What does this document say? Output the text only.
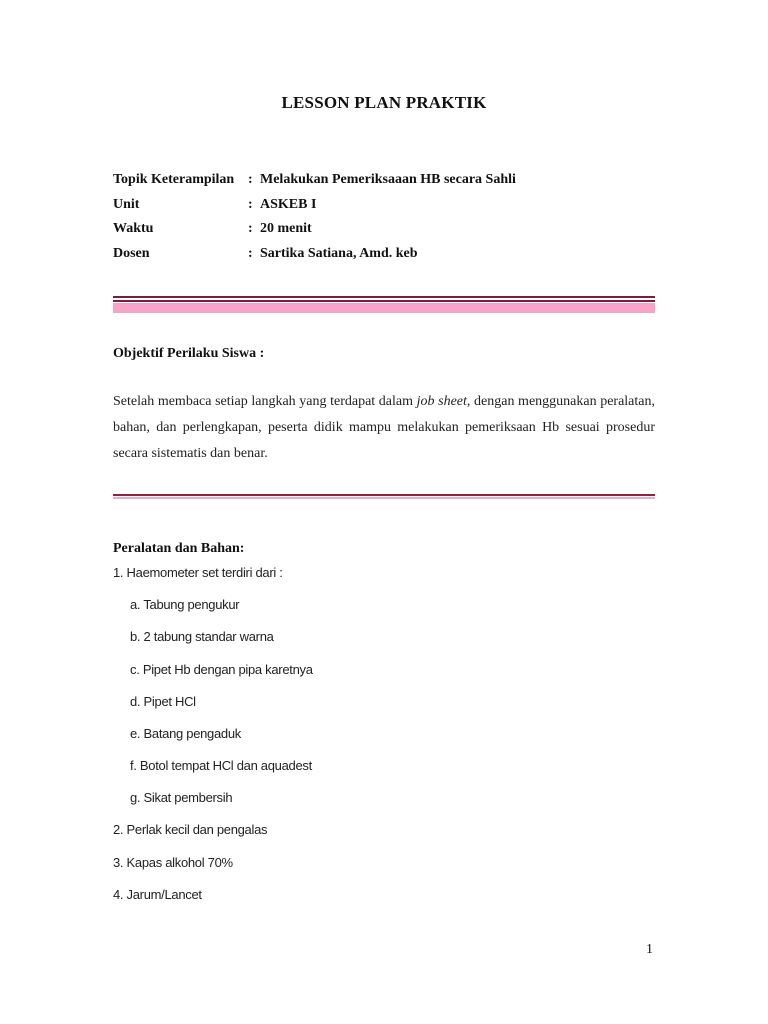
LESSON PLAN PRAKTIK
Topik Keterampilan : Melakukan Pemeriksaaan HB secara Sahli
Unit	: ASKEB I
Waktu	: 20 menit
Dosen	: Sartika Satiana, Amd. keb
Objektif Perilaku Siswa :
Setelah membaca setiap langkah yang terdapat dalam job sheet, dengan menggunakan peralatan, bahan, dan perlengkapan, peserta didik mampu melakukan pemeriksaan Hb sesuai prosedur secara sistematis dan benar.
Peralatan dan Bahan:
1. Haemometer set terdiri dari :
a. Tabung pengukur
b. 2 tabung standar warna
c. Pipet Hb dengan pipa karetnya
d. Pipet HCl
e. Batang pengaduk
f. Botol tempat HCl dan aquadest
g. Sikat pembersih
2. Perlak kecil dan pengalas
3. Kapas alkohol 70%
4. Jarum/Lancet
1
